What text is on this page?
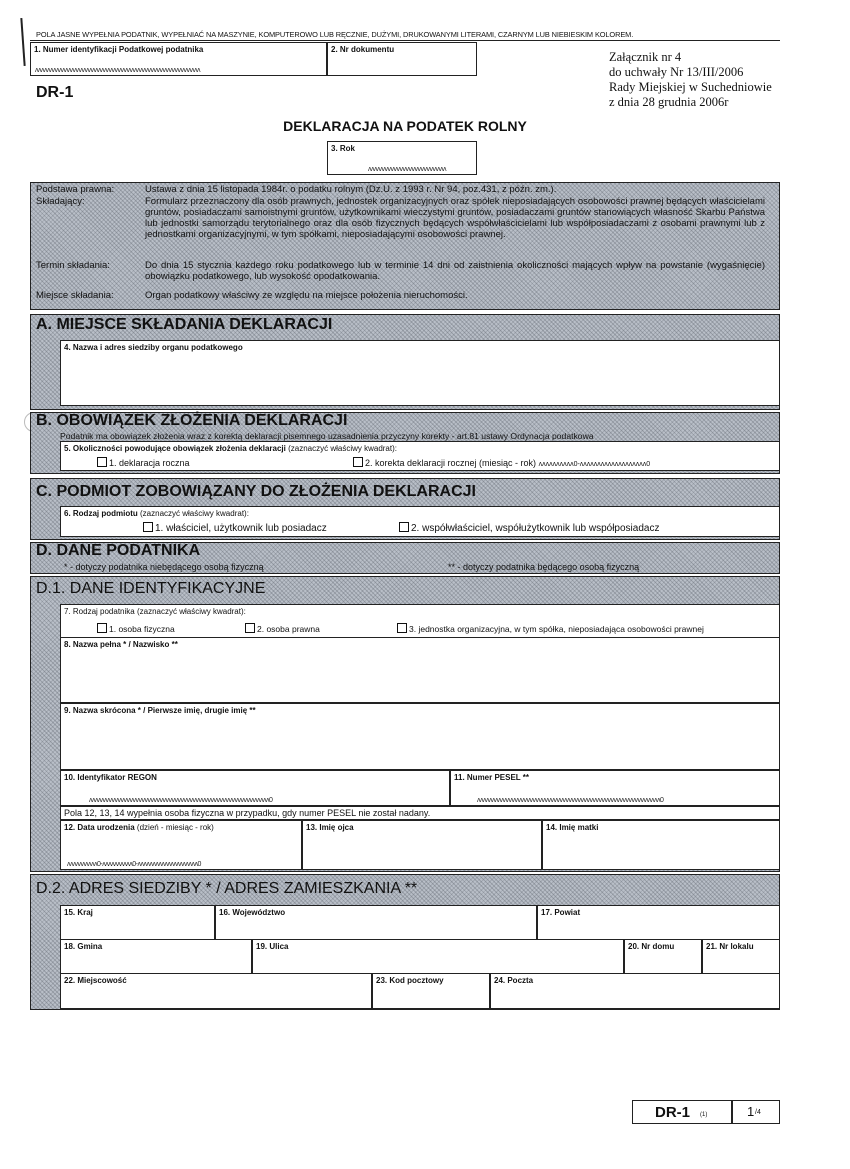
POLA JASNE WYPEŁNIA PODATNIK, WYPEŁNIAĆ NA MASZYNIE, KOMPUTEROWO LUB RĘCZNIE, DUŻYMI, DRUKOWANYMI LITERAMI, CZARNYM LUB NIEBIESKIM KOLOREM.
1. Numer identyfikacji Podatkowej podatnika
ʌʌʌʌʌʌʌʌʌʌʌʌʌʌʌʌʌʌʌʌʌʌʌʌʌʌʌʌʌʌʌʌʌʌʌʌʌʌʌʌʌʌʌʌʌʌʌʌʌʌʌʌʌʌʌ
2. Nr dokumentu
DR-1
Załącznik nr 4
do uchwały Nr 13/III/2006
Rady Miejskiej w Suchedniowie
z dnia 28 grudnia 2006r
DEKLARACJA NA PODATEK ROLNY
3. Rok
ʌʌʌʌʌʌʌʌʌʌʌʌʌʌʌʌʌʌʌʌʌʌʌʌʌʌ
Podstawa prawna:	Ustawa z dnia 15 listopada 1984r. o podatku rolnym (Dz.U. z 1993 r. Nr 94, poz.431, z późn. zm.).
Składający:	Formularz przeznaczony dla osób prawnych, jednostek organizacyjnych oraz spółek nieposiadających osobowości prawnej będących właścicielami gruntów, posiadaczami samoistnymi gruntów, użytkownikami wieczystymi gruntów, posiadaczami gruntów stanowiących własność Skarbu Państwa lub jednostki samorządu terytorialnego oraz dla osób fizycznych będących współwłaścicielami lub współposiadaczami z osobami prawnymi lub z jednostkami organizacyjnymi, w tym spółkami, nieposiadającymi osobowości prawnej.
Termin składania:	Do dnia 15 stycznia każdego roku podatkowego lub w terminie 14 dni od zaistnienia okoliczności mających wpływ na powstanie (wygaśnięcie) obowiązku podatkowego, lub wysokość opodatkowania.
Miejsce składania:	Organ podatkowy właściwy ze względu na miejsce położenia nieruchomości.
A. MIEJSCE SKŁADANIA DEKLARACJI
4. Nazwa i adres siedziby organu podatkowego
B. OBOWIĄZEK ZŁOŻENIA DEKLARACJI
Podatnik ma obowiązek złożenia wraz z korektą deklaracji pisemnego uzasadnienia przyczyny korekty - art.81 ustawy Ordynacja podatkowa
5. Okoliczności powodujące obowiązek złożenia deklaracji (zaznaczyć właściwy kwadrat):
1. deklaracja roczna	2. korekta deklaracji rocznej (miesiąc - rok) ʌʌʌʌʌʌʌʌʌʌ0-ʌʌʌʌʌʌʌʌʌʌʌʌʌʌʌʌʌʌʌ0
C. PODMIOT ZOBOWIĄZANY DO ZŁOŻENIA DEKLARACJI
6. Rodzaj podmiotu (zaznaczyć właściwy kwadrat):
1. właściciel, użytkownik lub posiadacz	2. współwłaściciel, współużytkownik lub współposiadacz
D. DANE PODATNIKA
* - dotyczy podatnika niebędącego osobą fizyczną	** - dotyczy podatnika będącego osobą fizyczną
D.1. DANE IDENTYFIKACYJNE
7. Rodzaj podatnika (zaznaczyć właściwy kwadrat):
1. osoba fizyczna	2. osoba prawna	3. jednostka organizacyjna, w tym spółka, nieposiadająca osobowości prawnej
8. Nazwa pełna * / Nazwisko **
9. Nazwa skrócona * / Pierwsze imię, drugie imię **
10. Identyfikator REGON
ʌʌʌʌʌʌʌʌʌʌʌʌʌʌʌʌʌʌʌʌʌʌʌʌʌʌʌʌʌʌʌʌʌʌʌʌʌʌʌʌʌʌʌʌʌʌʌʌʌʌʌʌʌʌʌʌʌʌʌʌ0
11. Numer PESEL **
ʌʌʌʌʌʌʌʌʌʌʌʌʌʌʌʌʌʌʌʌʌʌʌʌʌʌʌʌʌʌʌʌʌʌʌʌʌʌʌʌʌʌʌʌʌʌʌʌʌʌʌʌʌʌʌʌʌʌʌʌʌ0
Pola 12, 13, 14 wypełnia osoba fizyczna w przypadku, gdy numer PESEL nie został nadany.
12. Data urodzenia (dzień - miesiąc - rok)
ʌʌʌʌʌʌʌʌʌʌ0-ʌʌʌʌʌʌʌʌʌʌ0-ʌʌʌʌʌʌʌʌʌʌʌʌʌʌʌʌʌʌʌʌ0
13. Imię ojca	14. Imię matki
D.2. ADRES SIEDZIBY * / ADRES ZAMIESZKANIA **
15. Kraj	16. Województwo	17. Powiat
18. Gmina	19. Ulica	20. Nr domu	21. Nr lokalu
22. Miejscowość	23. Kod pocztowy	24. Poczta
DR-1 (1)	1 /4
